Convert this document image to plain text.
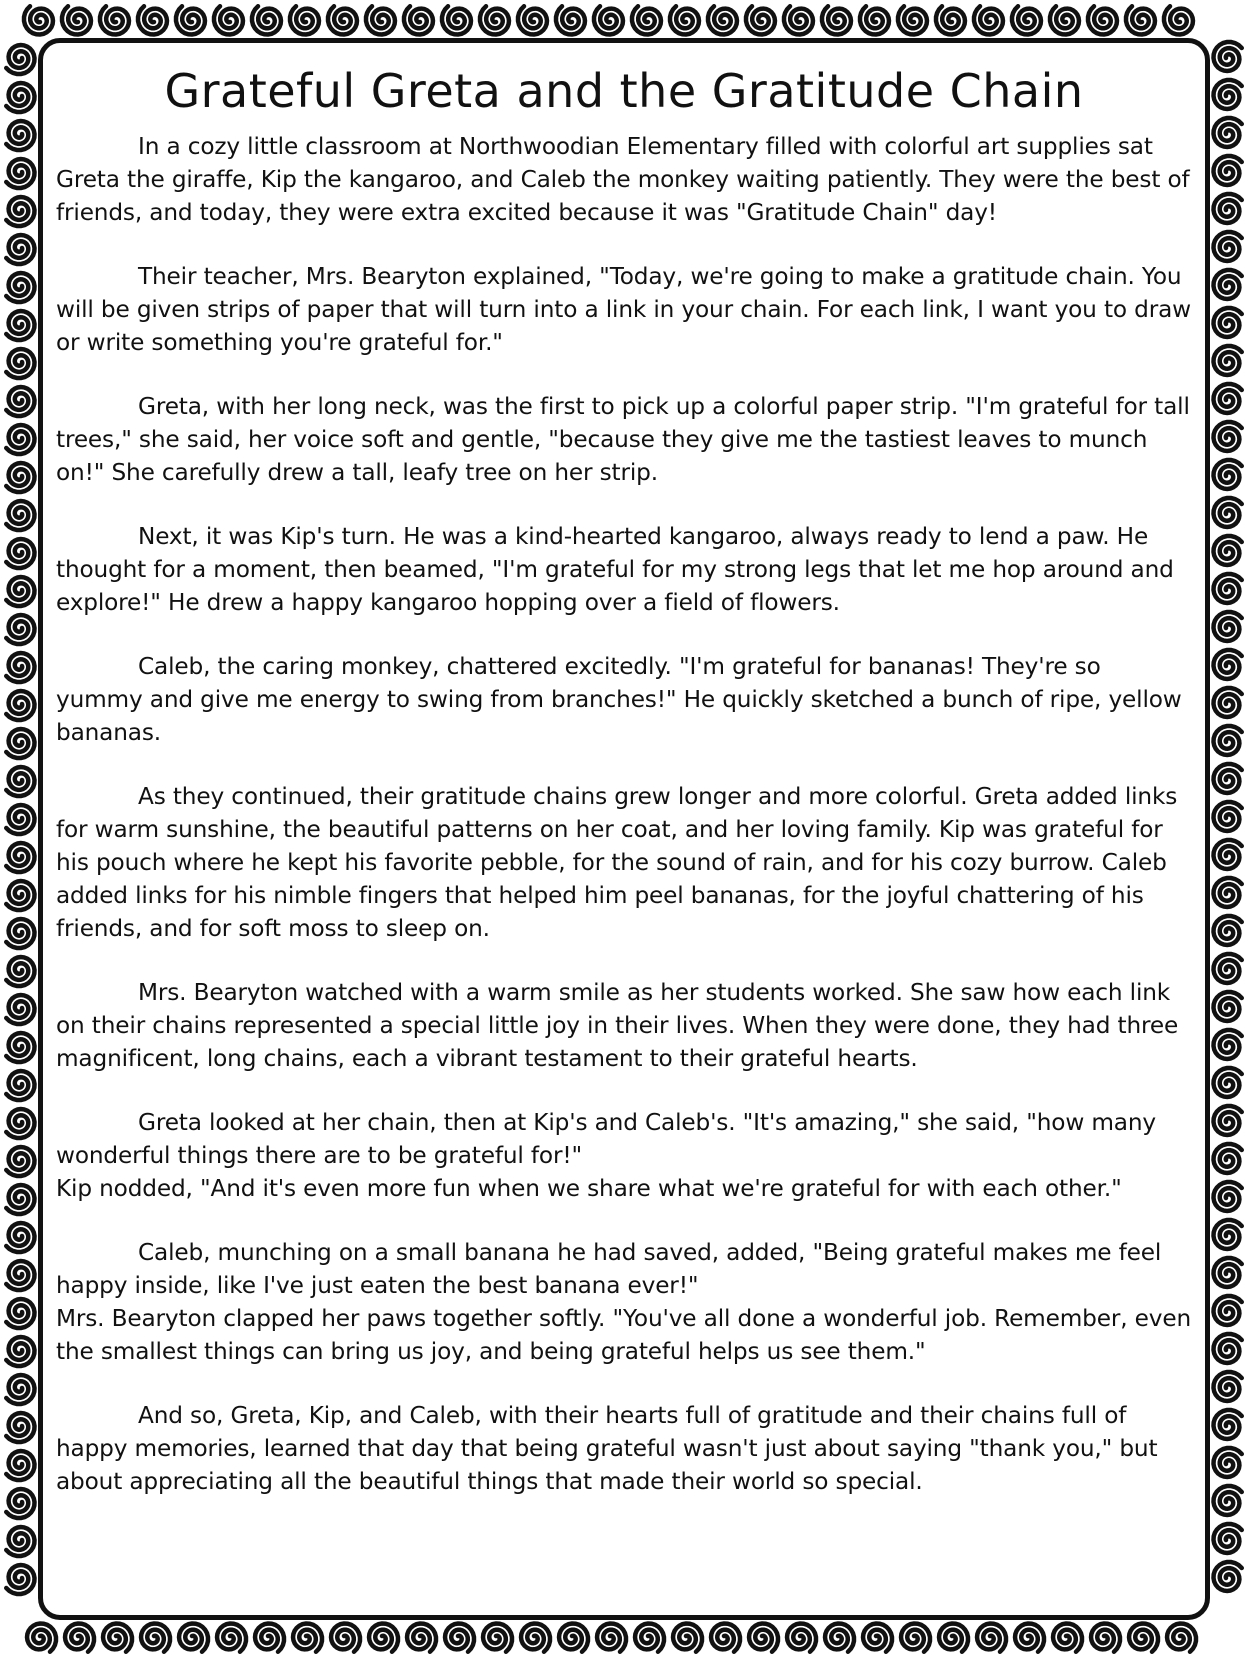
Grateful Greta and the Gratitude Chain

In a cozy little classroom at Northwoodian Elementary filled with colorful art supplies sat Greta the giraffe, Kip the kangaroo, and Caleb the monkey waiting patiently. They were the best of friends, and today, they were extra excited because it was "Gratitude Chain" day!

Their teacher, Mrs. Bearyton explained, "Today, we're going to make a gratitude chain. You will be given strips of paper that will turn into a link in your chain. For each link, I want you to draw or write something you're grateful for."

Greta, with her long neck, was the first to pick up a colorful paper strip. "I'm grateful for tall trees," she said, her voice soft and gentle, "because they give me the tastiest leaves to munch on!" She carefully drew a tall, leafy tree on her strip.

Next, it was Kip's turn. He was a kind-hearted kangaroo, always ready to lend a paw. He thought for a moment, then beamed, "I'm grateful for my strong legs that let me hop around and explore!" He drew a happy kangaroo hopping over a field of flowers.

Caleb, the caring monkey, chattered excitedly. "I'm grateful for bananas! They're so yummy and give me energy to swing from branches!" He quickly sketched a bunch of ripe, yellow bananas.

As they continued, their gratitude chains grew longer and more colorful. Greta added links for warm sunshine, the beautiful patterns on her coat, and her loving family. Kip was grateful for his pouch where he kept his favorite pebble, for the sound of rain, and for his cozy burrow. Caleb added links for his nimble fingers that helped him peel bananas, for the joyful chattering of his friends, and for soft moss to sleep on.

Mrs. Bearyton watched with a warm smile as her students worked. She saw how each link on their chains represented a special little joy in their lives. When they were done, they had three magnificent, long chains, each a vibrant testament to their grateful hearts.

Greta looked at her chain, then at Kip's and Caleb's. "It's amazing," she said, "how many wonderful things there are to be grateful for!"
Kip nodded, "And it's even more fun when we share what we're grateful for with each other."

Caleb, munching on a small banana he had saved, added, "Being grateful makes me feel happy inside, like I've just eaten the best banana ever!"
Mrs. Bearyton clapped her paws together softly. "You've all done a wonderful job. Remember, even the smallest things can bring us joy, and being grateful helps us see them."

And so, Greta, Kip, and Caleb, with their hearts full of gratitude and their chains full of happy memories, learned that day that being grateful wasn't just about saying "thank you," but about appreciating all the beautiful things that made their world so special.
